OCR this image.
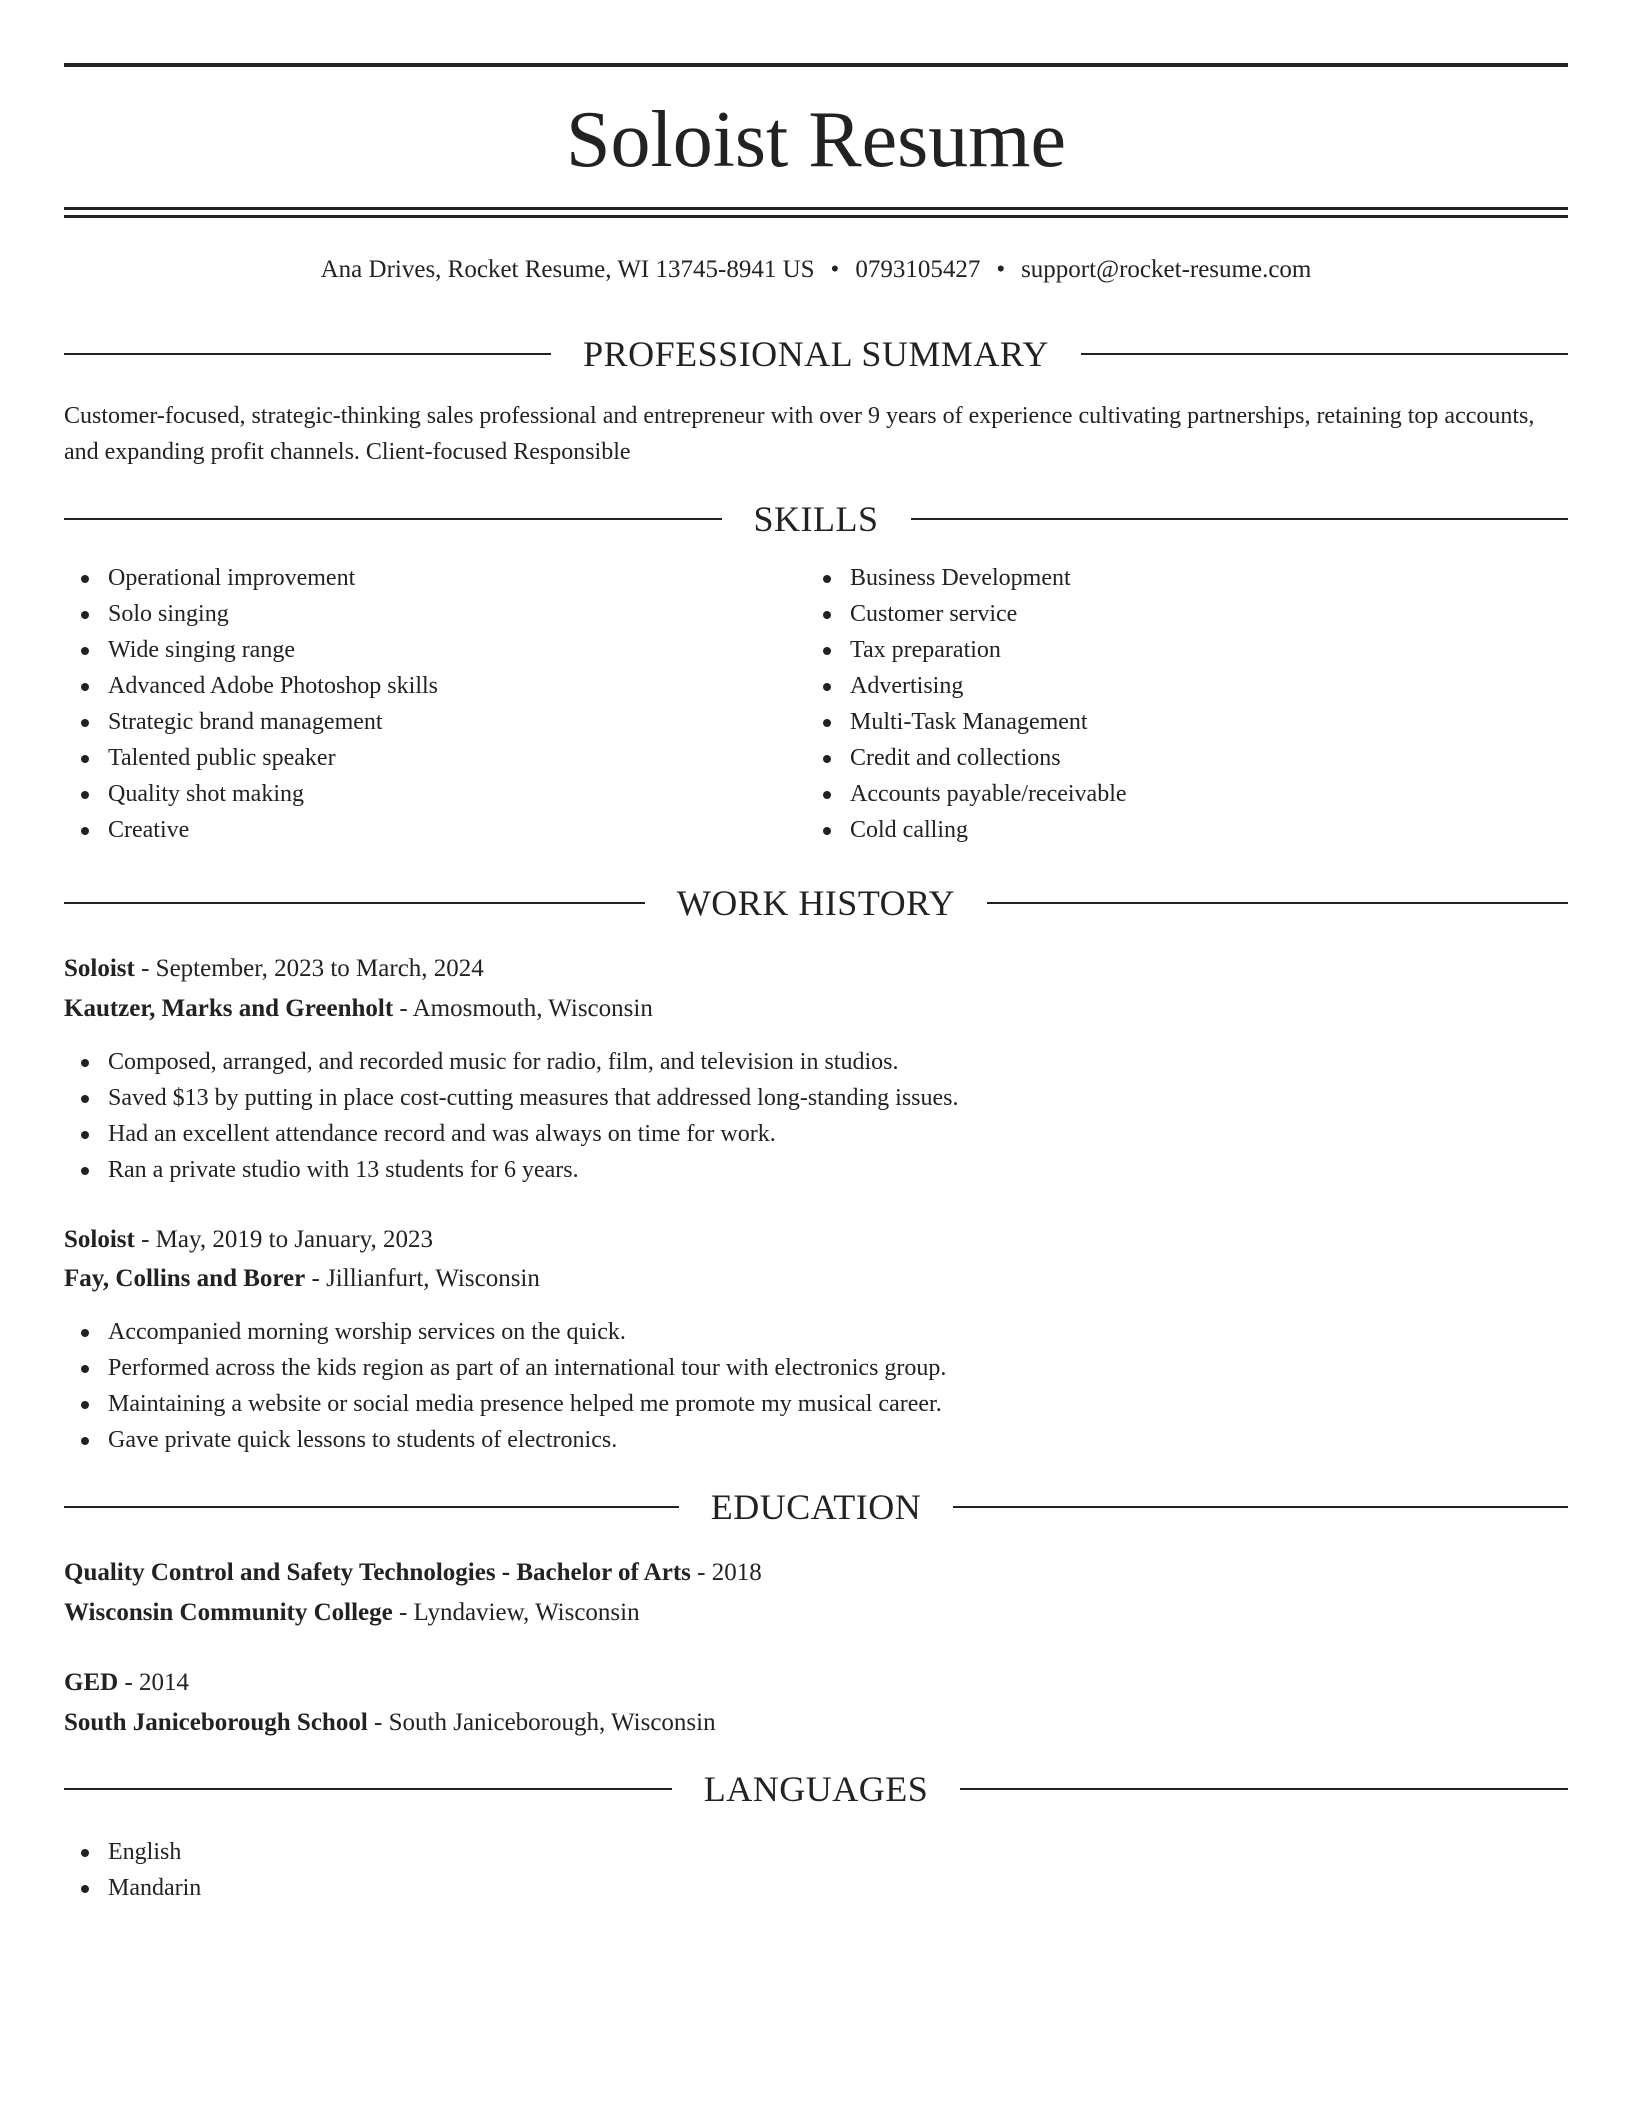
Soloist Resume
Ana Drives, Rocket Resume, WI 13745-8941 US • 0793105427 • support@rocket-resume.com
PROFESSIONAL SUMMARY

Customer-focused, strategic-thinking sales professional and entrepreneur with over 9 years of experience cultivating partnerships, retaining top accounts, and expanding profit channels. Client-focused Responsible

SKILLS
Operational improvement
Solo singing
Wide singing range
Advanced Adobe Photoshop skills
Strategic brand management
Talented public speaker
Quality shot making
Creative
Business Development
Customer service
Tax preparation
Advertising
Multi-Task Management
Credit and collections
Accounts payable/receivable
Cold calling
WORK HISTORY
Soloist - September, 2023 to March, 2024
Kautzer, Marks and Greenholt - Amosmouth, Wisconsin
Composed, arranged, and recorded music for radio, film, and television in studios.
Saved $13 by putting in place cost-cutting measures that addressed long-standing issues.
Had an excellent attendance record and was always on time for work.
Ran a private studio with 13 students for 6 years.
Soloist - May, 2019 to January, 2023
Fay, Collins and Borer - Jillianfurt, Wisconsin
Accompanied morning worship services on the quick.
Performed across the kids region as part of an international tour with electronics group.
Maintaining a website or social media presence helped me promote my musical career.
Gave private quick lessons to students of electronics.
EDUCATION
Quality Control and Safety Technologies - Bachelor of Arts - 2018
Wisconsin Community College - Lyndaview, Wisconsin
GED - 2014
South Janiceborough School - South Janiceborough, Wisconsin
LANGUAGES
English
Mandarin
